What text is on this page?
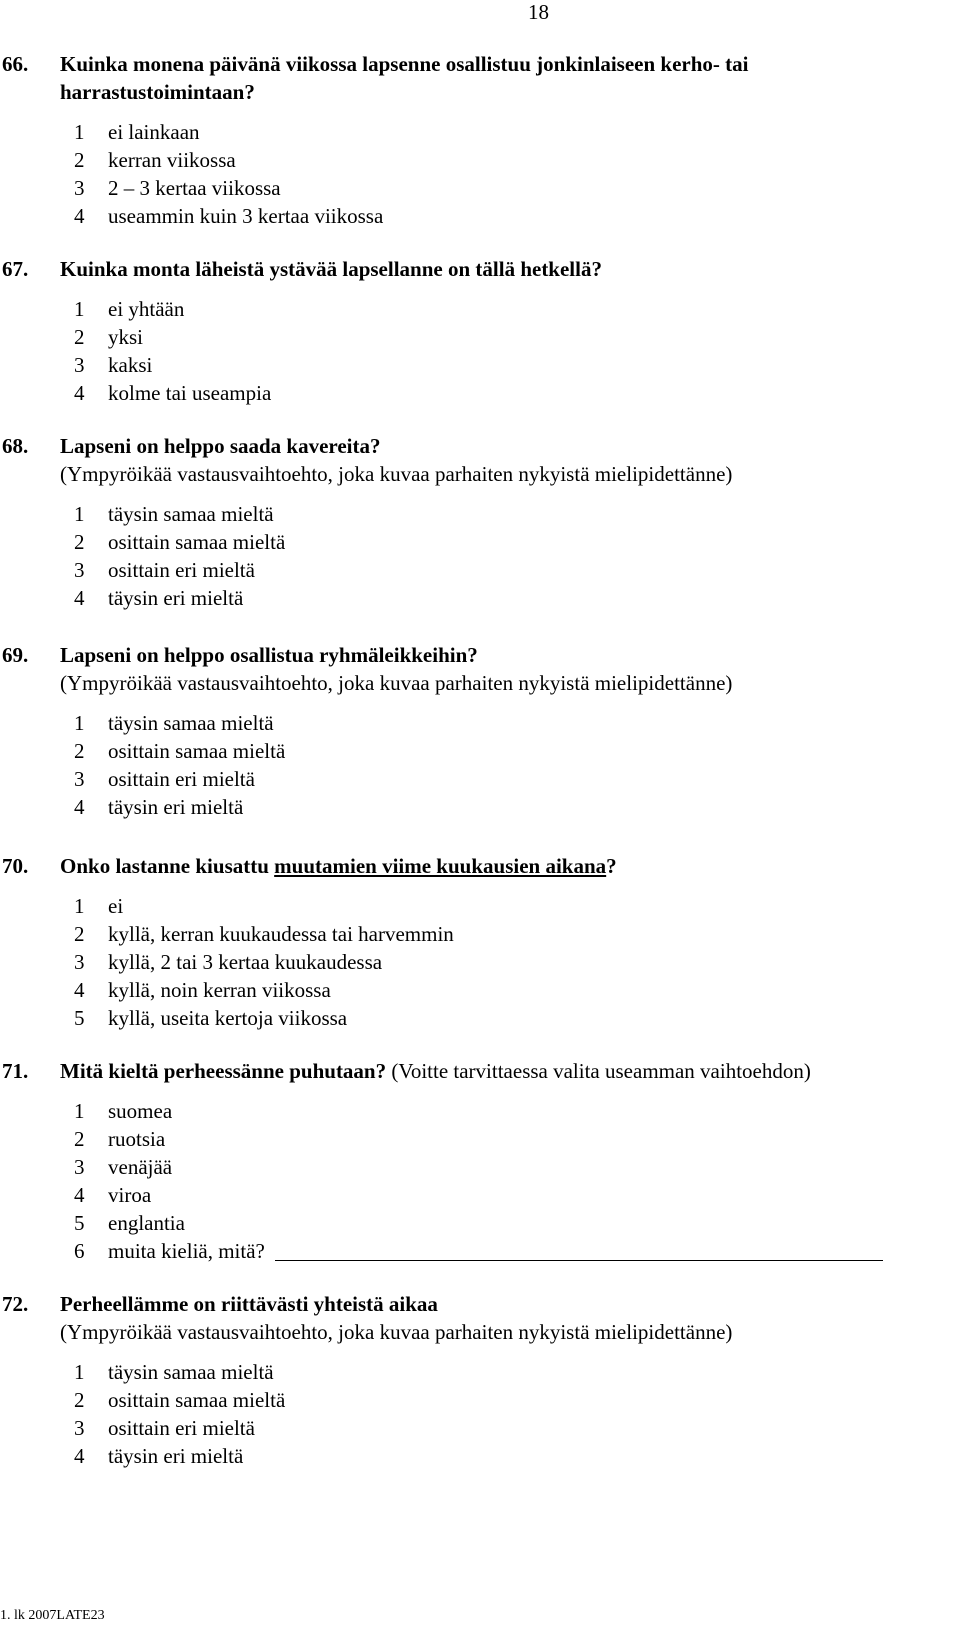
18
66. Kuinka monena päivänä viikossa lapsenne osallistuu jonkinlaiseen kerho- tai
harrastustoimintaan?
1 ei lainkaan
2 kerran viikossa
3 2 – 3 kertaa viikossa
4 useammin kuin 3 kertaa viikossa
67. Kuinka monta läheistä ystävää lapsellanne on tällä hetkellä?
1 ei yhtään
2 yksi
3 kaksi
4 kolme tai useampia
68. Lapseni on helppo saada kavereita?
(Ympyröikää vastausvaihtoehto, joka kuvaa parhaiten nykyistä mielipidettänne)
1 täysin samaa mieltä
2 osittain samaa mieltä
3 osittain eri mieltä
4 täysin eri mieltä
69. Lapseni on helppo osallistua ryhmäleikkeihin?
(Ympyröikää vastausvaihtoehto, joka kuvaa parhaiten nykyistä mielipidettänne)
1 täysin samaa mieltä
2 osittain samaa mieltä
3 osittain eri mieltä
4 täysin eri mieltä
70. Onko lastanne kiusattu muutamien viime kuukausien aikana?
1 ei
2 kyllä, kerran kuukaudessa tai harvemmin
3 kyllä, 2 tai 3 kertaa kuukaudessa
4 kyllä, noin kerran viikossa
5 kyllä, useita kertoja viikossa
71. Mitä kieltä perheessänne puhutaan? (Voitte tarvittaessa valita useamman vaihtoehdon)
1 suomea
2 ruotsia
3 venäjää
4 viroa
5 englantia
6 muita kieliä, mitä?
72. Perheellämme on riittävästi yhteistä aikaa
(Ympyröikää vastausvaihtoehto, joka kuvaa parhaiten nykyistä mielipidettänne)
1 täysin samaa mieltä
2 osittain samaa mieltä
3 osittain eri mieltä
4 täysin eri mieltä
1. lk 2007LATE23
